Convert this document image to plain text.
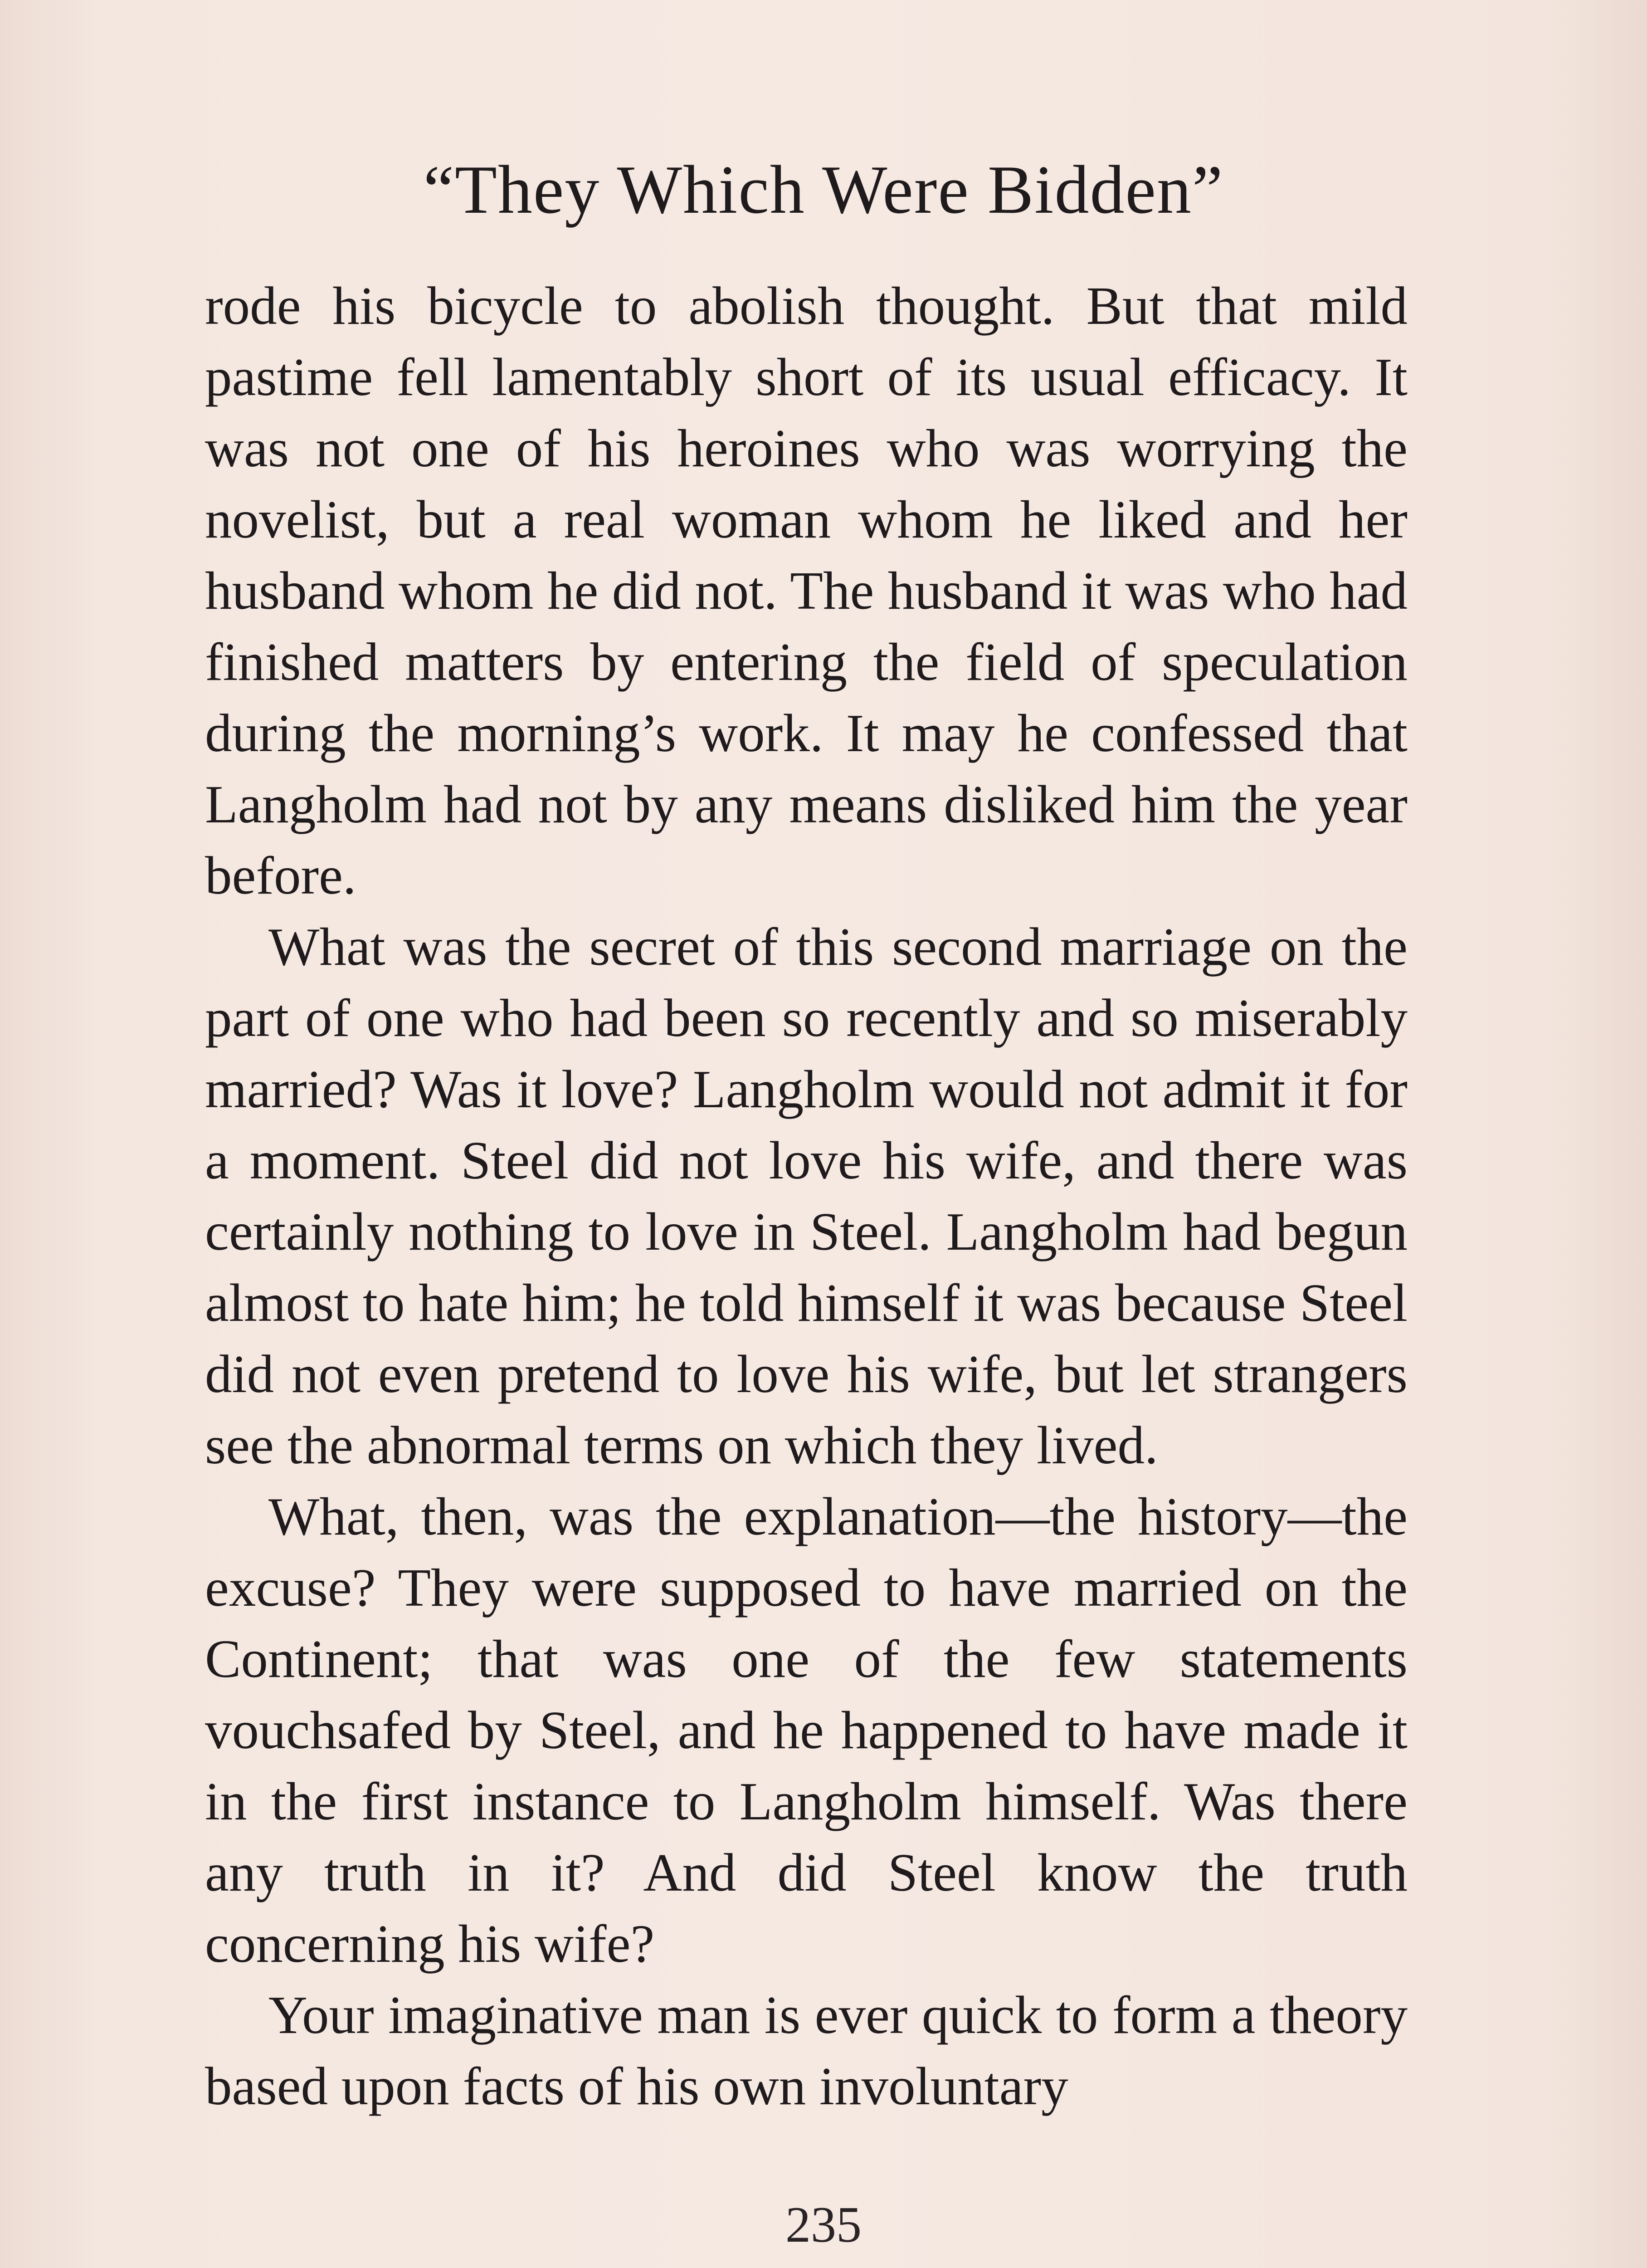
“They Which Were Bidden”

rode his bicycle to abolish thought. But that mild pastime fell lamentably short of its usual efficacy. It was not one of his heroines who was worrying the novelist, but a real woman whom he liked and her husband whom he did not. The husband it was who had finished matters by entering the field of speculation during the morning’s work. It may he confessed that Langholm had not by any means disliked him the year before.

What was the secret of this second marriage on the part of one who had been so recently and so miserably married? Was it love? Langholm would not admit it for a moment. Steel did not love his wife, and there was certainly nothing to love in Steel. Langholm had begun almost to hate him; he told himself it was because Steel did not even pretend to love his wife, but let strangers see the abnormal terms on which they lived.

What, then, was the explanation—the history—the excuse? They were supposed to have married on the Continent; that was one of the few statements vouchsafed by Steel, and he happened to have made it in the first instance to Langholm himself. Was there any truth in it? And did Steel know the truth concerning his wife?

Your imaginative man is ever quick to form a theory based upon facts of his own involuntary

235
